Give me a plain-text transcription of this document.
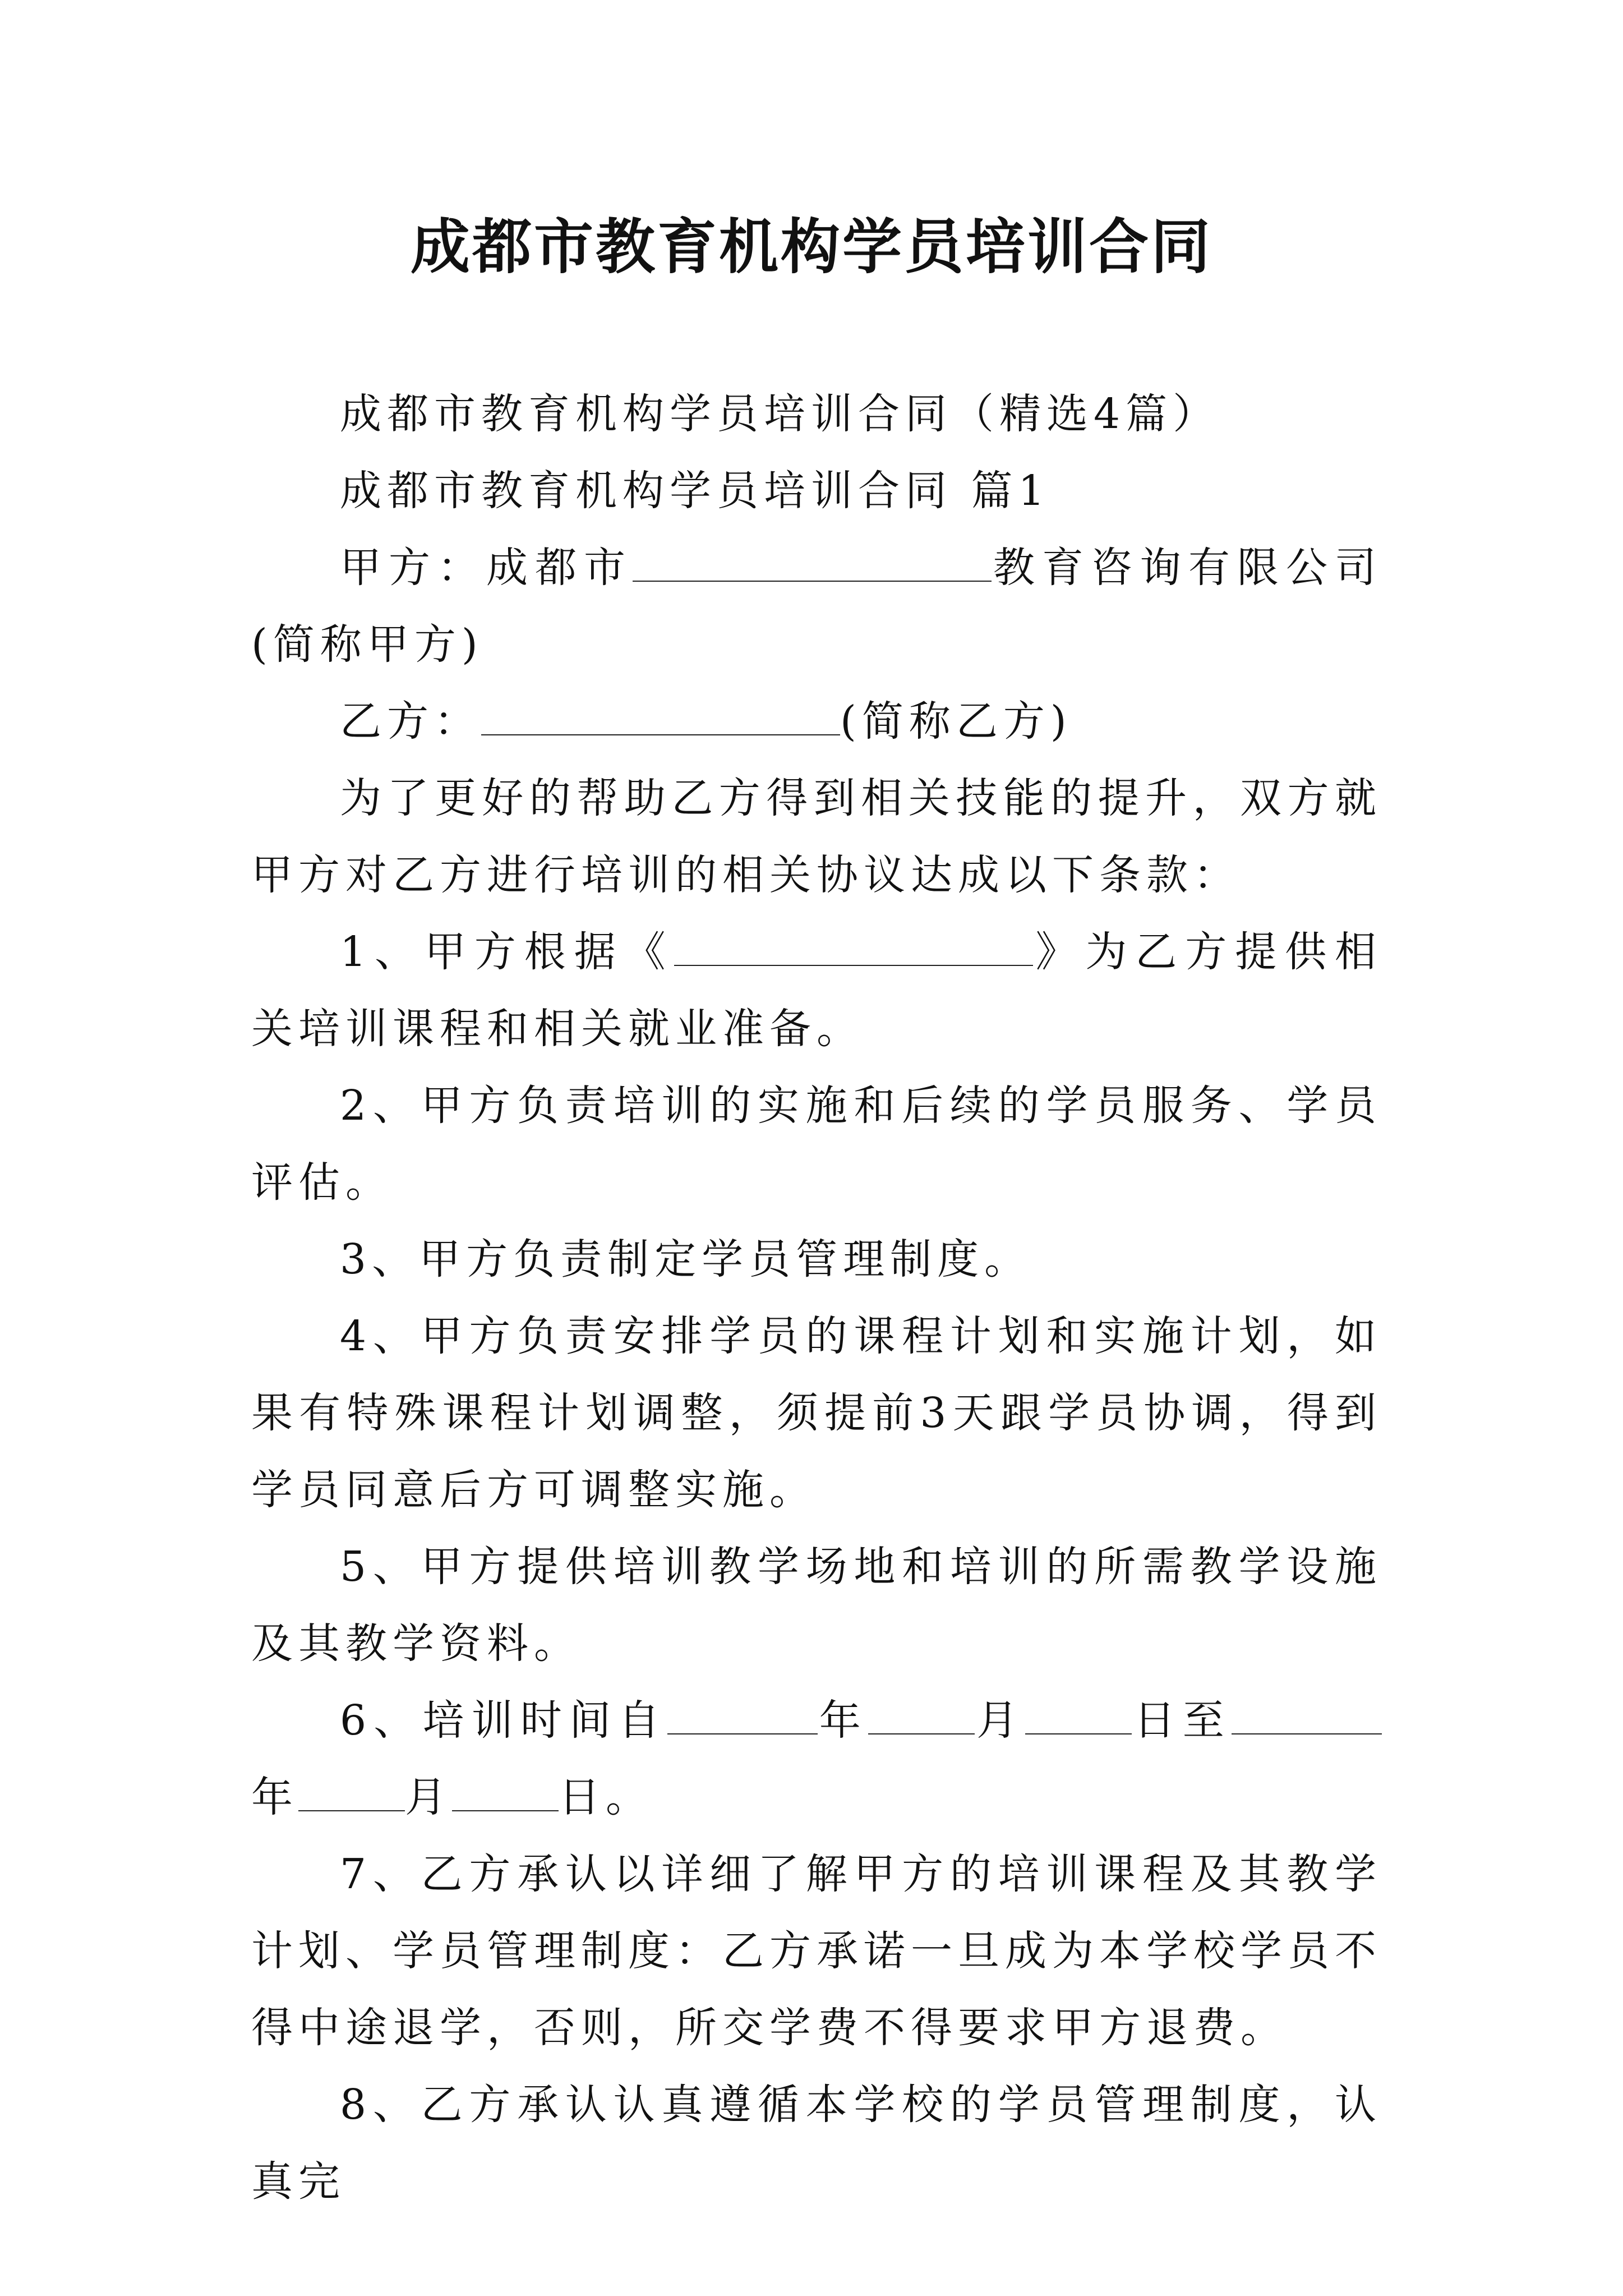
成都市教育机构学员培训合同

成都市教育机构学员培训合同（精选4篇）

成都市教育机构学员培训合同 篇1

甲方：成都市	教育咨询有限公司(简称甲方)

乙方：	(简称乙方)

为了更好的帮助乙方得到相关技能的提升，双方就甲方对乙方进行培训的相关协议达成以下条款：

1、甲方根据《	》为乙方提供相关培训课程和相关就业准备。

2、甲方负责培训的实施和后续的学员服务、学员评估。

3、甲方负责制定学员管理制度。

4、甲方负责安排学员的课程计划和实施计划，如果有特殊课程计划调整，须提前3天跟学员协调，得到学员同意后方可调整实施。

5、甲方提供培训教学场地和培训的所需教学设施及其教学资料。

6、培训时间自	年	月	日至年	月	日。

7、乙方承认以详细了解甲方的培训课程及其教学计划、学员管理制度：乙方承诺一旦成为本学校学员不得中途退学，否则，所交学费不得要求甲方退费。

8、乙方承认认真遵循本学校的学员管理制度，认真完
